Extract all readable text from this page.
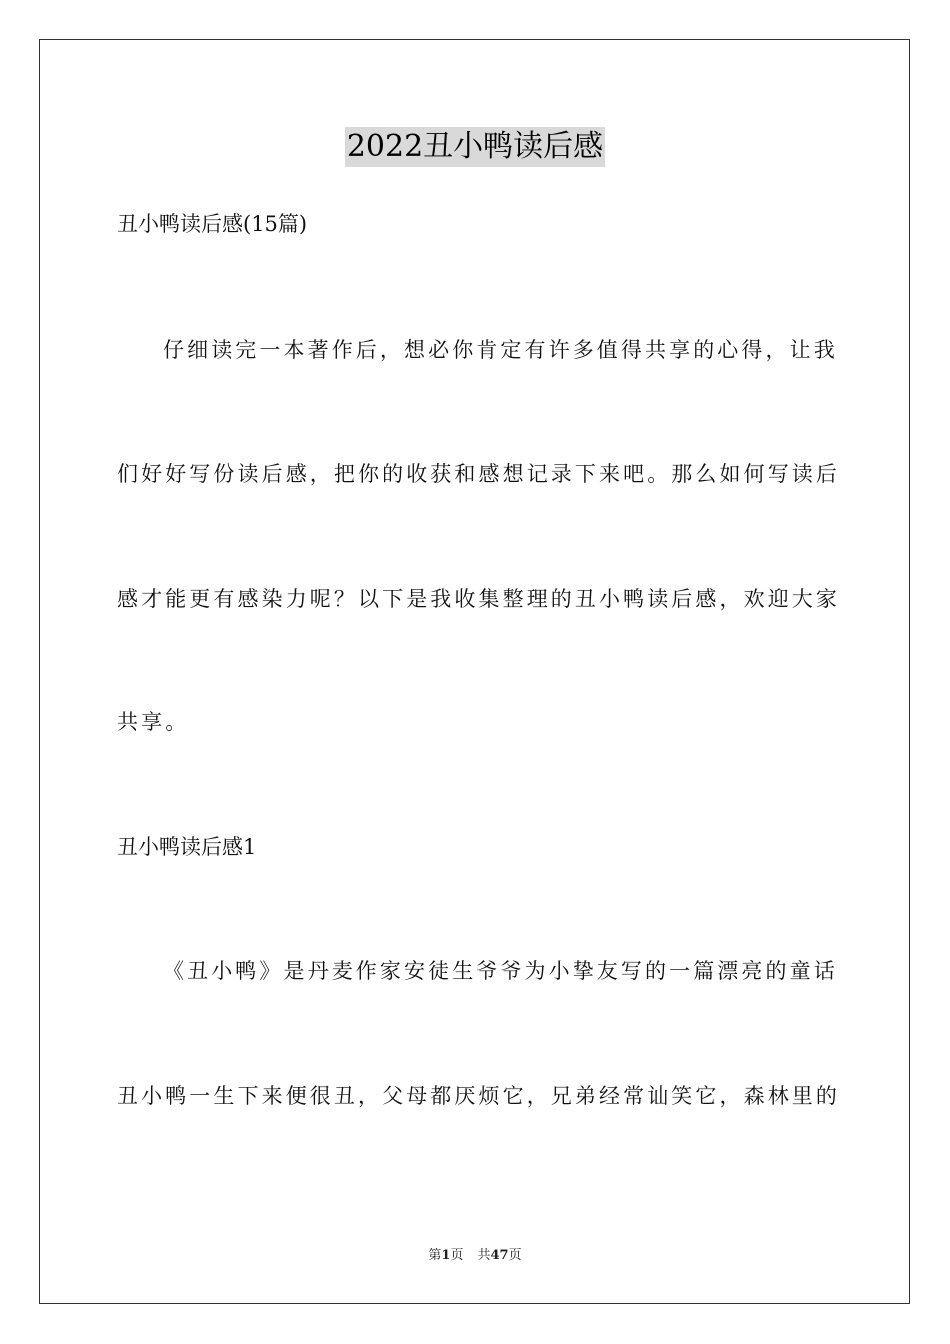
2022丑小鸭读后感
丑小鸭读后感(15篇)
仔细读完一本著作后，想必你肯定有许多值得共享的心得，让我
们好好写份读后感，把你的收获和感想记录下来吧。那么如何写读后
感才能更有感染力呢？以下是我收集整理的丑小鸭读后感，欢迎大家
共享。
丑小鸭读后感1
《丑小鸭》是丹麦作家安徒生爷爷为小挚友写的一篇漂亮的童话
丑小鸭一生下来便很丑，父母都厌烦它，兄弟经常讪笑它，森林里的
第1页 共47页
